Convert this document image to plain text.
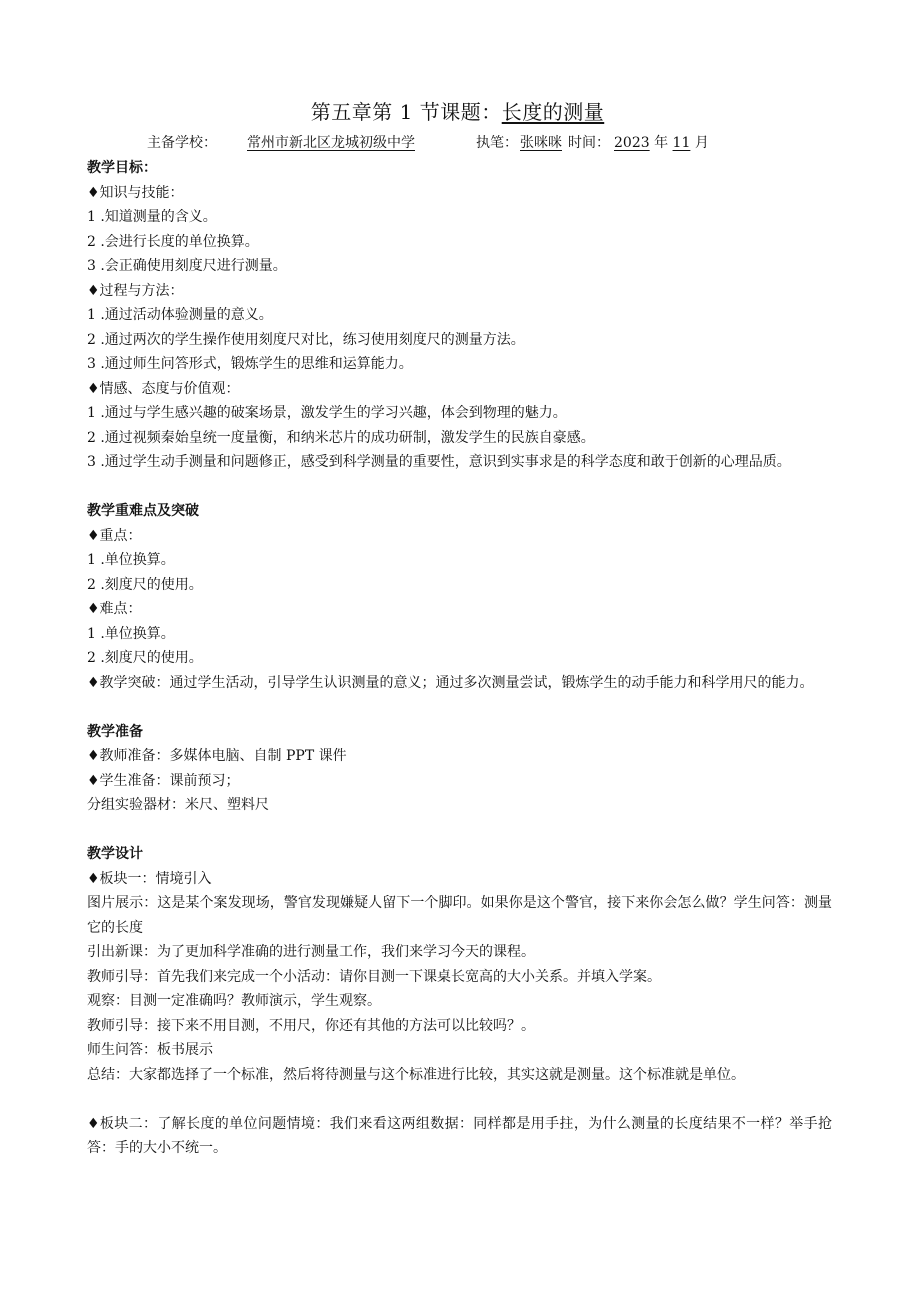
第五章第 1 节课题：长度的测量
主备学校： 常州市新北区龙城初级中学	执笔： 张咪咪 时间： 2023 年 11 月
教学目标：
♦知识与技能：
1 .知道测量的含义。
2 .会进行长度的单位换算。
3 .会正确使用刻度尺进行测量。
♦过程与方法：
1 .通过活动体验测量的意义。
2 .通过两次的学生操作使用刻度尺对比，练习使用刻度尺的测量方法。
3 .通过师生问答形式，锻炼学生的思维和运算能力。
♦情感、态度与价值观：
1 .通过与学生感兴趣的破案场景，激发学生的学习兴趣，体会到物理的魅力。
2 .通过视频秦始皇统一度量衡，和纳米芯片的成功研制，激发学生的民族自豪感。
3 .通过学生动手测量和问题修正，感受到科学测量的重要性，意识到实事求是的科学态度和敢于创新的心理品质。
教学重难点及突破
♦重点：
1 .单位换算。
2 .刻度尺的使用。
♦难点：
1 .单位换算。
2 .刻度尺的使用。
♦教学突破：通过学生活动，引导学生认识测量的意义；通过多次测量尝试，锻炼学生的动手能力和科学用尺的能力。
教学准备
♦教师准备：多媒体电脑、自制 PPT 课件
♦学生准备：课前预习；
分组实验器材：米尺、塑料尺
教学设计
♦板块一：情境引入
图片展示：这是某个案发现场，警官发现嫌疑人留下一个脚印。如果你是这个警官，接下来你会怎么做？学生问答：测量它的长度
引出新课：为了更加科学准确的进行测量工作，我们来学习今天的课程。
教师引导：首先我们来完成一个小活动：请你目测一下课桌长宽高的大小关系。并填入学案。
观察：目测一定准确吗？教师演示，学生观察。
教师引导：接下来不用目测，不用尺，你还有其他的方法可以比较吗？。
师生问答：板书展示
总结：大家都选择了一个标准，然后将待测量与这个标准进行比较，其实这就是测量。这个标准就是单位。
♦板块二：了解长度的单位问题情境：我们来看这两组数据：同样都是用手拄，为什么测量的长度结果不一样？举手抢答：手的大小不统一。
